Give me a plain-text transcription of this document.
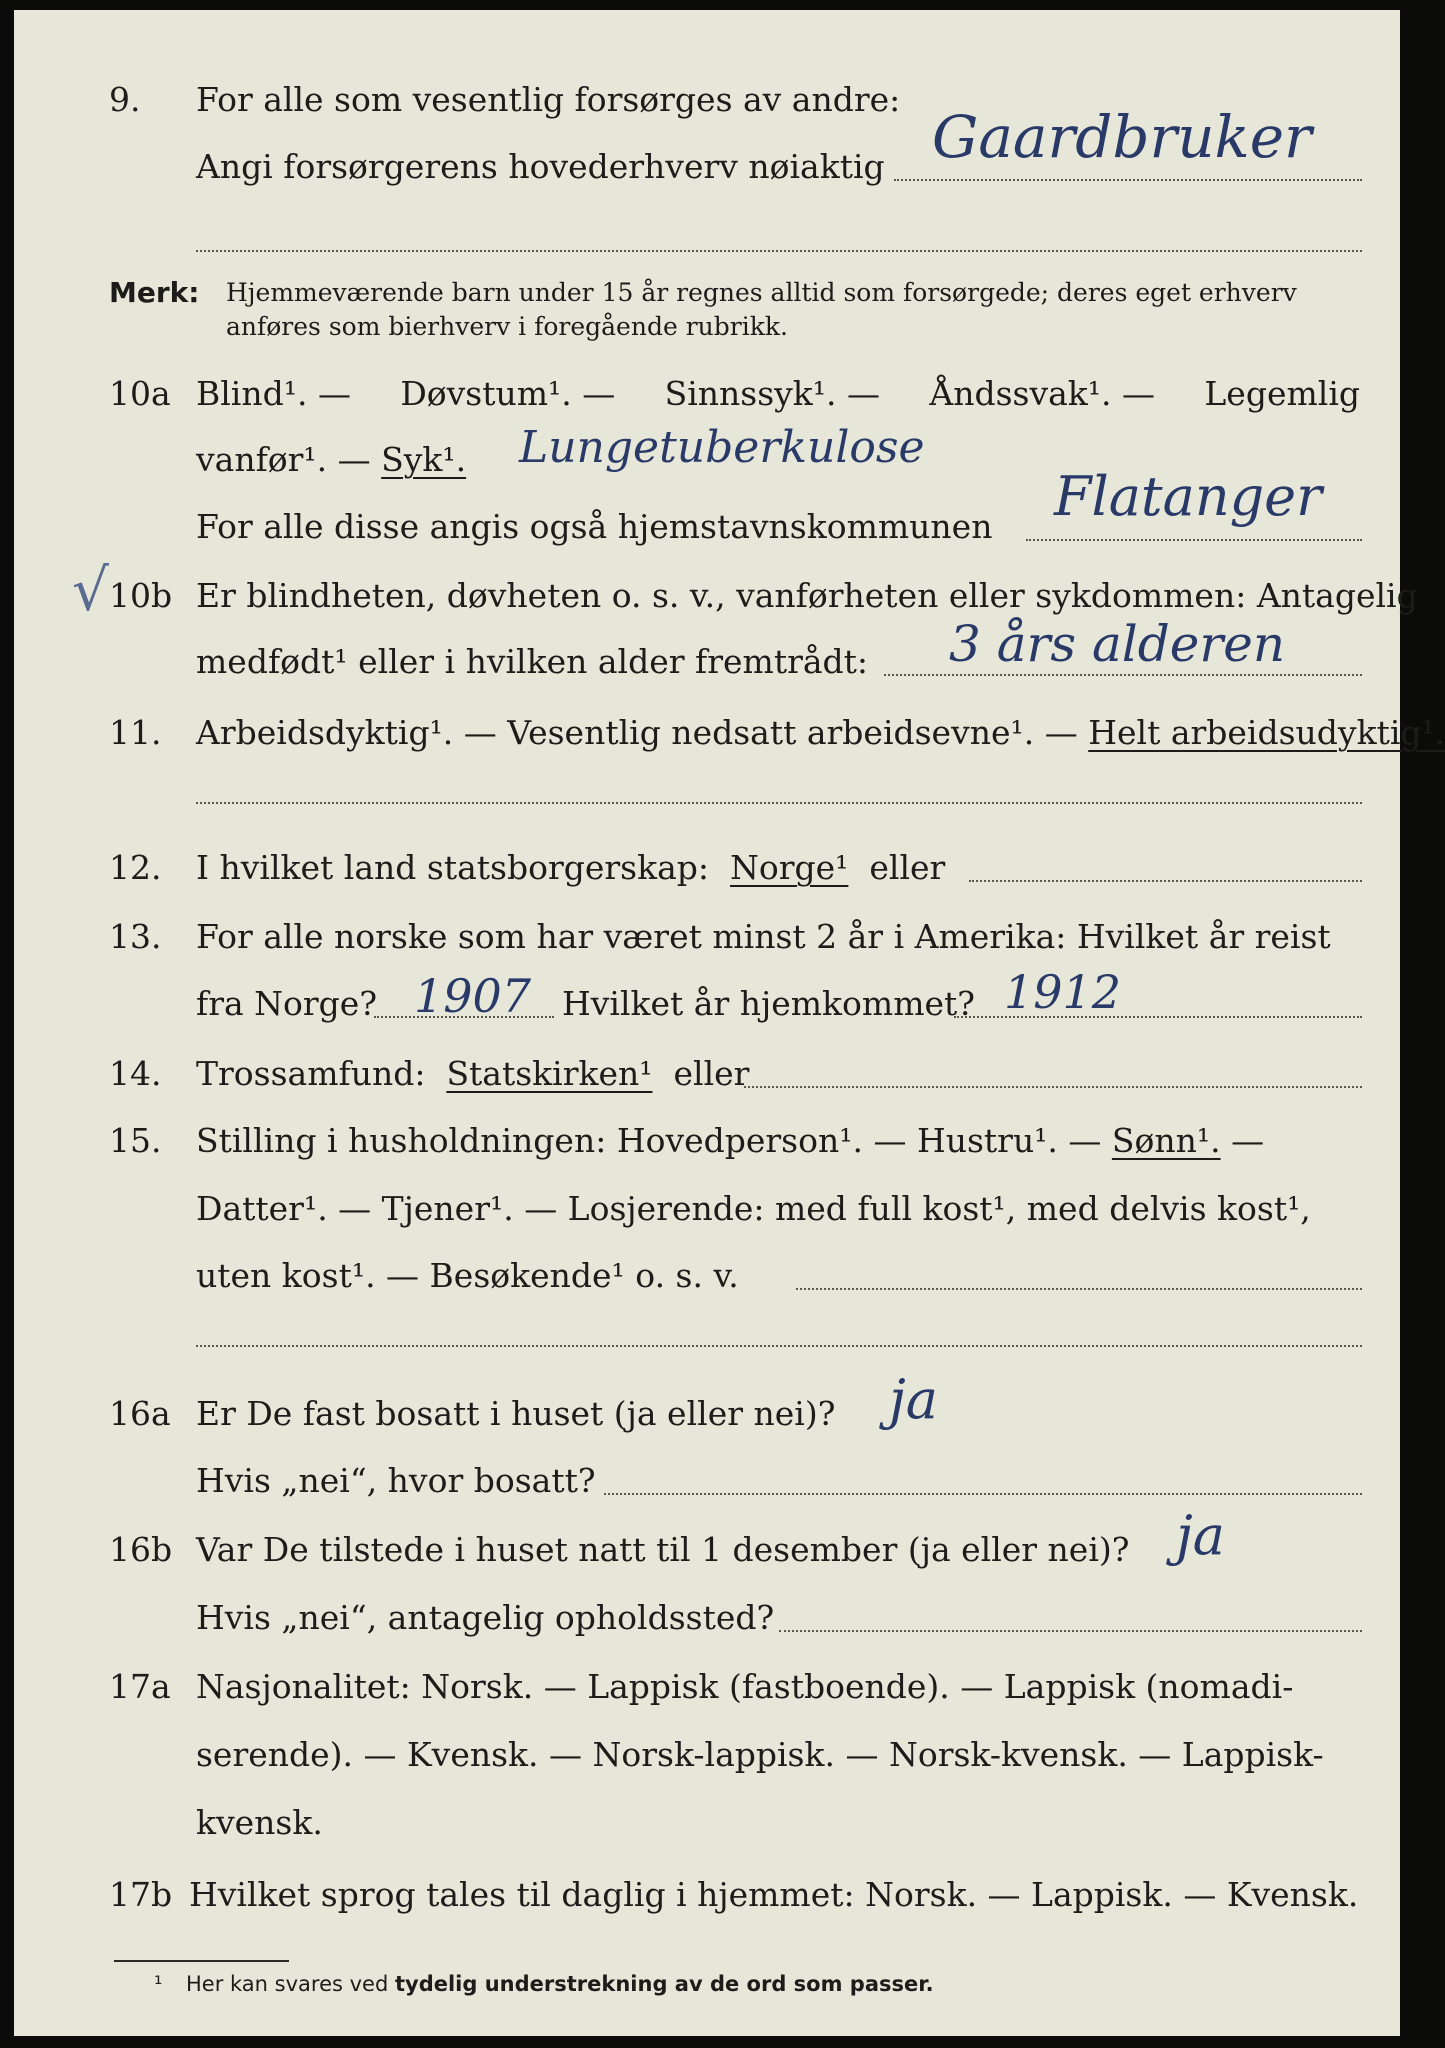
9.	For alle som vesentlig forsørges av andre:
Angi forsørgerens hovederhverv nøiaktig Gaardbruker
Merk: Hjemmeværende barn under 15 år regnes alltid som forsørgede; deres eget erhverv anføres som bierhverv i foregående rubrikk.
10a Blind¹. — Døvstum¹. — Sinnssyk¹. — Åndssvak¹. — Legemlig
vanfør¹. — Syk¹.	Lungetuberkulose
For alle disse angis også hjemstavnskommunen	Flatanger
√ 10b Er blindheten, døvheten o. s. v., vanførheten eller sykdommen: Antagelig
medfødt¹ eller i hvilken alder fremtrådt:	3 års alderen
11.	Arbeidsdyktig¹. — Vesentlig nedsatt arbeidsevne¹. — Helt arbeidsudyktig¹.
12.	I hvilket land statsborgerskap: Norge¹ eller
13.	For alle norske som har været minst 2 år i Amerika: Hvilket år reist
fra Norge? 1907 Hvilket år hjemkommet? 1912
14.	Trossamfund: Statskirken¹ eller
15.	Stilling i husholdningen: Hovedperson¹. — Hustru¹. — Sønn¹. —
Datter¹. — Tjener¹. — Losjerende: med full kost¹, med delvis kost¹,
uten kost¹. — Besøkende¹ o. s. v.
16a Er De fast bosatt i huset (ja eller nei)? ja
Hvis „nei“, hvor bosatt?
16b Var De tilstede i huset natt til 1 desember (ja eller nei)? ja
Hvis „nei“, antagelig opholdssted?
17a Nasjonalitet: Norsk. — Lappisk (fastboende). — Lappisk (nomadi-
serende). — Kvensk. — Norsk-lappisk. — Norsk-kvensk. — Lappisk-
kvensk.
17b Hvilket sprog tales til daglig i hjemmet: Norsk. — Lappisk. — Kvensk.
¹ Her kan svares ved tydelig understrekning av de ord som passer.
